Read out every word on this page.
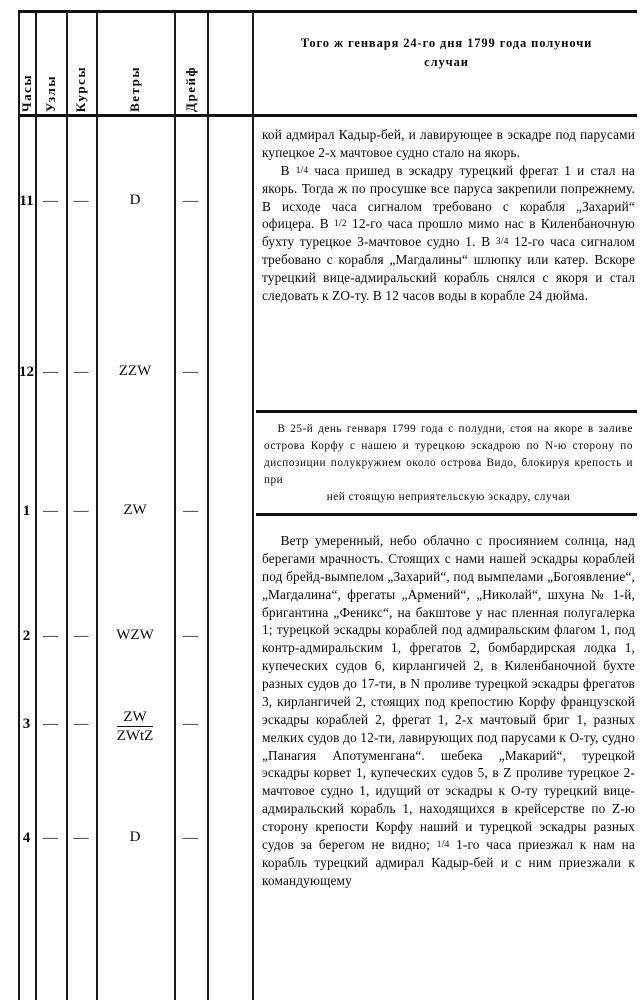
Часы Узлы Курсы	Ветры	Дрейф
Того ж генваря 24-го дня 1799 года полуночи
случаи
11 —	—	D	—
12 —	—	ZZW	—
1 —	—	ZW	—
2 —	—	WZW	—
3 —	—	$\frac{ZW}{\text{ZWtZ}}$	—
4 —	—	D	—

кой адмирал Кадыр-бей, и лавирующее в эскадре под парусами купецкое 2-х мачтовое судно стало на якорь.

В 1/4 часа пришед в эскадру турецкий фрегат 1 и стал на якорь. Тогда ж по просушке все паруса закрепили попрежнему. В исходе часа сигналом требовано с корабля „Захарий“ офицера. В 1/2 12-го часа прошло мимо нас в Киленбаночную бухту турецкое 3-мачтовое судно 1. В 3/4 12-го часа сигналом требовано с корабля „Магдалины“ шлюпку или катер. Вскоре турецкий вице-адмиральский корабль снялся с якоря и стал следовать к ZO-ту. В 12 часов воды в корабле 24 дюйма.

В 25-й день генваря 1799 года с полудни, стоя на якоре в заливе острова Корфу с нашею и турецкою эскадрою по N-ю сторону по диспозиции полукружием около острова Видо, блокируя крепость и при

ней стоящую неприятельскую эскадру, случаи

Ветр умеренный, небо облачно с просиянием солнца, над берегами мрачность. Стоящих с нами нашей эскадры кораблей под брейд-вымпелом „Захарий“, под вымпелами „Богоявление“, „Магдалина“, фрегаты „Армений“, „Николай“, шхуна № 1-й, бригантина „Феникс“, на бакштове у нас пленная полугалерка 1; турецкой эскадры кораблей под адмиральским флагом 1, под контр-адмиральским 1, фрегатов 2, бомбардирская лодка 1, купеческих судов 6, кирлангичей 2, в Киленбаночной бухте разных судов до 17-ти, в N проливе турецкой эскадры фрегатов 3, кирлангичей 2, стоящих под крепостию Корфу французской эскадры кораблей 2, фрегат 1, 2-х мачтовый бриг 1, разных мелких судов до 12-ти, лавирующих под парусами к О-ту, судно „Панагия Апотуменгана“. шебека „Макарий“, турецкой эскадры корвет 1, купеческих судов 5, в Z проливе турецкое 2-мачтовое судно 1, идущий от эскадры к О-ту турецкий вице-адмиральский корабль 1, находящихся в крейсерстве по Z-ю сторону крепости Корфу наший и турецкой эскадры разных судов за берегом не видно; 1/4 1-го часа приезжал к нам на корабль турецкий адмирал Кадыр-бей и с ним приезжали к командующему
